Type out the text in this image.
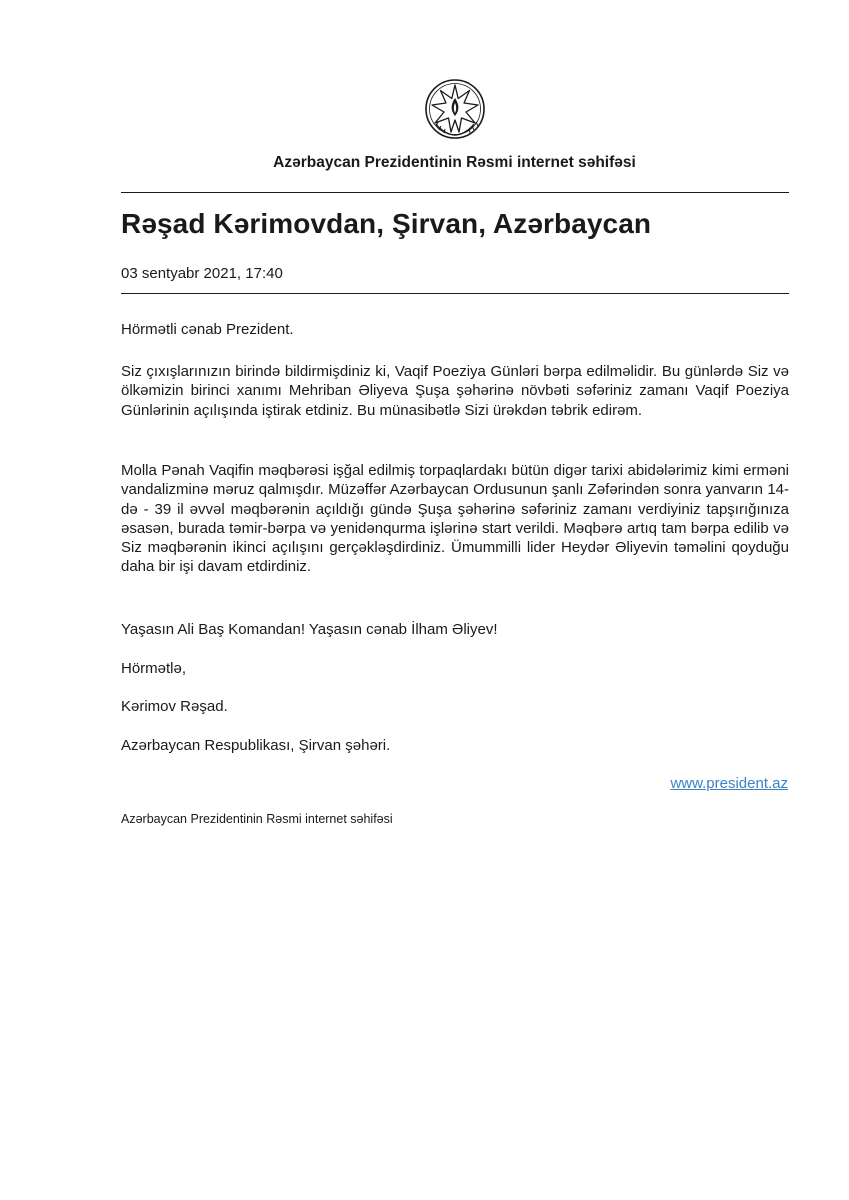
Azərbaycan Prezidentinin Rəsmi internet səhifəsi
Rəşad Kərimovdan, Şirvan, Azərbaycan
03 sentyabr 2021, 17:40

Hörmətli cənab Prezident.

Siz çıxışlarınızın birində bildirmişdiniz ki, Vaqif Poeziya Günləri bərpa edilməlidir. Bu günlərdə Siz və ölkəmizin birinci xanımı Mehriban Əliyeva Şuşa şəhərinə növbəti səfəriniz zamanı Vaqif Poeziya Günlərinin açılışında iştirak etdiniz. Bu münasibətlə Sizi ürəkdən təbrik edirəm.

Molla Pənah Vaqifin məqbərəsi işğal edilmiş torpaqlardakı bütün digər tarixi abidələrimiz kimi erməni vandalizminə məruz qalmışdır. Müzəffər Azərbaycan Ordusunun şanlı Zəfərindən sonra yanvarın 14-də - 39 il əvvəl məqbərənin açıldığı gündə Şuşa şəhərinə səfəriniz zamanı verdiyiniz tapşırığınıza əsasən, burada təmir-bərpa və yenidənqurma işlərinə start verildi. Məqbərə artıq tam bərpa edilib və Siz məqbərənin ikinci açılışını gerçəkləşdirdiniz. Ümummilli lider Heydər Əliyevin təməlini qoyduğu daha bir işi davam etdirdiniz.

Yaşasın Ali Baş Komandan! Yaşasın cənab İlham Əliyev!

Hörmətlə,

Kərimov Rəşad.

Azərbaycan Respublikası, Şirvan şəhəri.

www.president.az
Azərbaycan Prezidentinin Rəsmi internet səhifəsi
